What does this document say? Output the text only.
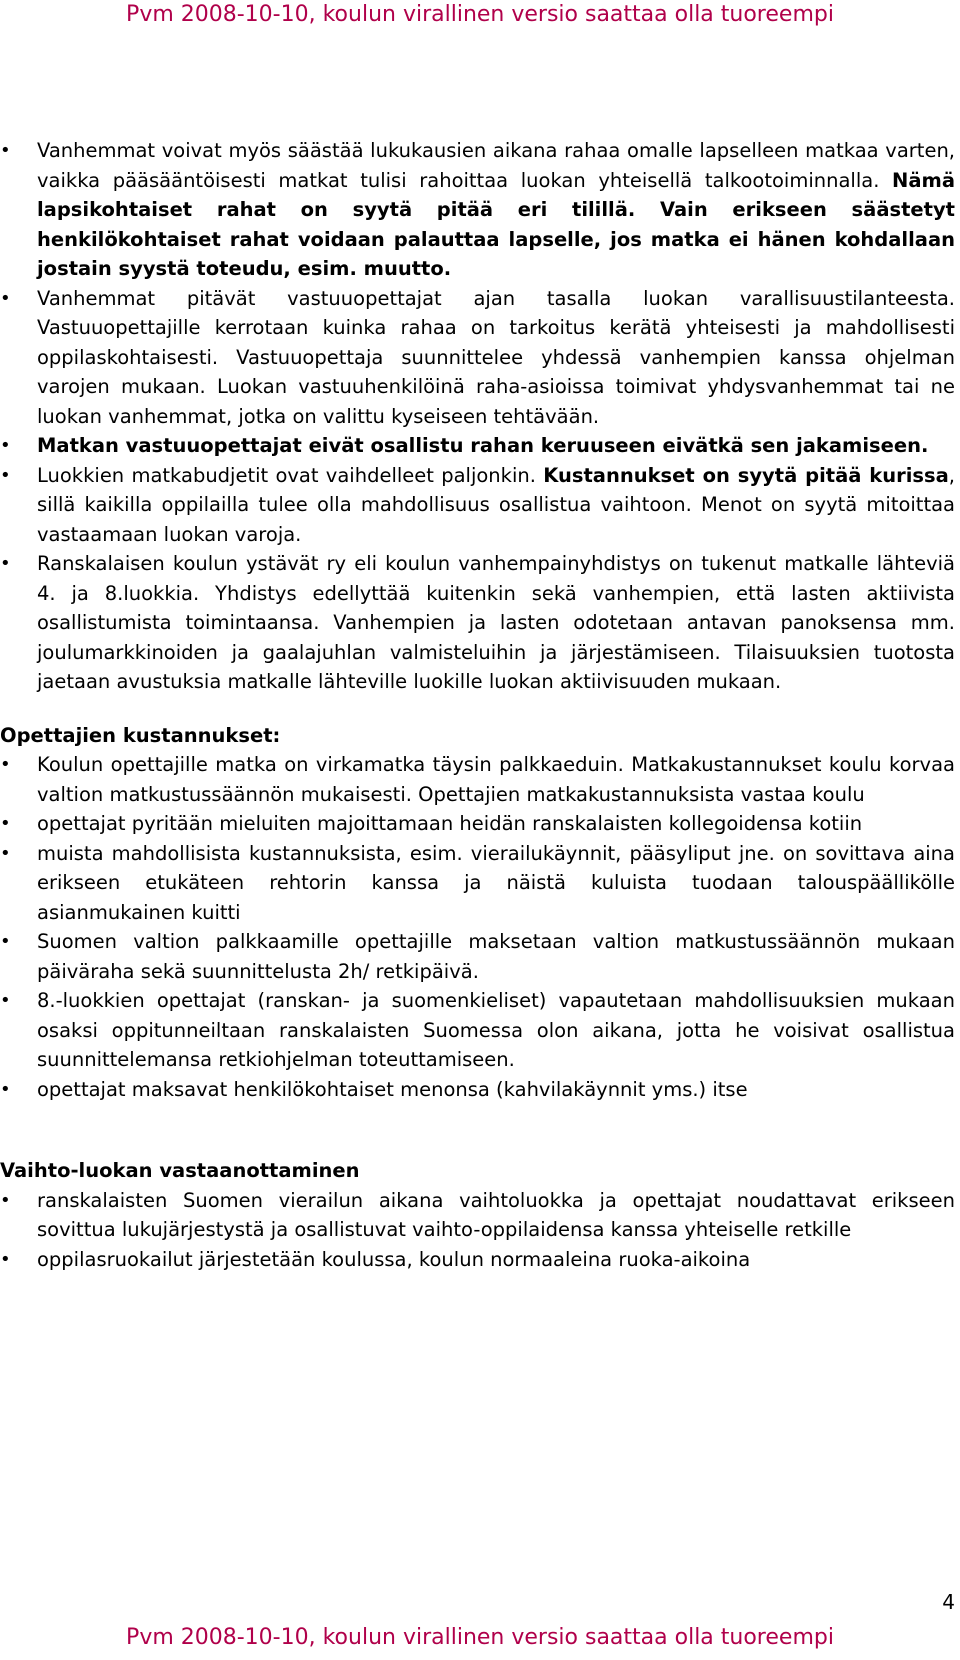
Pvm 2008-10-10, koulun virallinen versio saattaa olla tuoreempi
• Vanhemmat voivat myös säästää lukukausien aikana rahaa omalle lapselleen matkaa varten, vaikka pääsääntöisesti matkat tulisi rahoittaa luokan yhteisellä talkootoiminnalla. Nämä lapsikohtaiset rahat on syytä pitää eri tilillä. Vain erikseen säästetyt henkilökohtaiset rahat voidaan palauttaa lapselle, jos matka ei hänen kohdallaan jostain syystä toteudu, esim. muutto.
• Vanhemmat pitävät vastuuopettajat ajan tasalla luokan varallisuustilanteesta. Vastuuopettajille kerrotaan kuinka rahaa on tarkoitus kerätä yhteisesti ja mahdollisesti oppilaskohtaisesti. Vastuuopettaja suunnittelee yhdessä vanhempien kanssa ohjelman varojen mukaan. Luokan vastuuhenkilöinä raha-asioissa toimivat yhdysvanhemmat tai ne luokan vanhemmat, jotka on valittu kyseiseen tehtävään.
• Matkan vastuuopettajat eivät osallistu rahan keruuseen eivätkä sen jakamiseen.
• Luokkien matkabudjetit ovat vaihdelleet paljonkin. Kustannukset on syytä pitää kurissa, sillä kaikilla oppilailla tulee olla mahdollisuus osallistua vaihtoon. Menot on syytä mitoittaa vastaamaan luokan varoja.
• Ranskalaisen koulun ystävät ry eli koulun vanhempainyhdistys on tukenut matkalle lähteviä 4. ja 8.luokkia. Yhdistys edellyttää kuitenkin sekä vanhempien, että lasten aktiivista osallistumista toimintaansa. Vanhempien ja lasten odotetaan antavan panoksensa mm. joulumarkkinoiden ja gaalajuhlan valmisteluihin ja järjestämiseen. Tilaisuuksien tuotosta jaetaan avustuksia matkalle lähteville luokille luokan aktiivisuuden mukaan.
Opettajien kustannukset:
• Koulun opettajille matka on virkamatka täysin palkkaeduin. Matkakustannukset koulu korvaa valtion matkustussäännön mukaisesti. Opettajien matkakustannuksista vastaa koulu
• opettajat pyritään mieluiten majoittamaan heidän ranskalaisten kollegoidensa kotiin
• muista mahdollisista kustannuksista, esim. vierailukäynnit, pääsyliput jne. on sovittava aina erikseen etukäteen rehtorin kanssa ja näistä kuluista tuodaan talouspäällikölle asianmukainen kuitti
• Suomen valtion palkkaamille opettajille maksetaan valtion matkustussäännön mukaan päiväraha sekä suunnittelusta 2h/ retkipäivä.
• 8.-luokkien opettajat (ranskan- ja suomenkieliset) vapautetaan mahdollisuuksien mukaan osaksi oppitunneiltaan ranskalaisten Suomessa olon aikana, jotta he voisivat osallistua suunnittelemansa retkiohjelman toteuttamiseen.
• opettajat maksavat henkilökohtaiset menonsa (kahvilakäynnit yms.) itse
Vaihto-luokan vastaanottaminen
• ranskalaisten Suomen vierailun aikana vaihtoluokka ja opettajat noudattavat erikseen sovittua lukujärjestystä ja osallistuvat vaihto-oppilaidensa kanssa yhteiselle retkille
• oppilasruokailut järjestetään koulussa, koulun normaaleina ruoka-aikoina
4
Pvm 2008-10-10, koulun virallinen versio saattaa olla tuoreempi
